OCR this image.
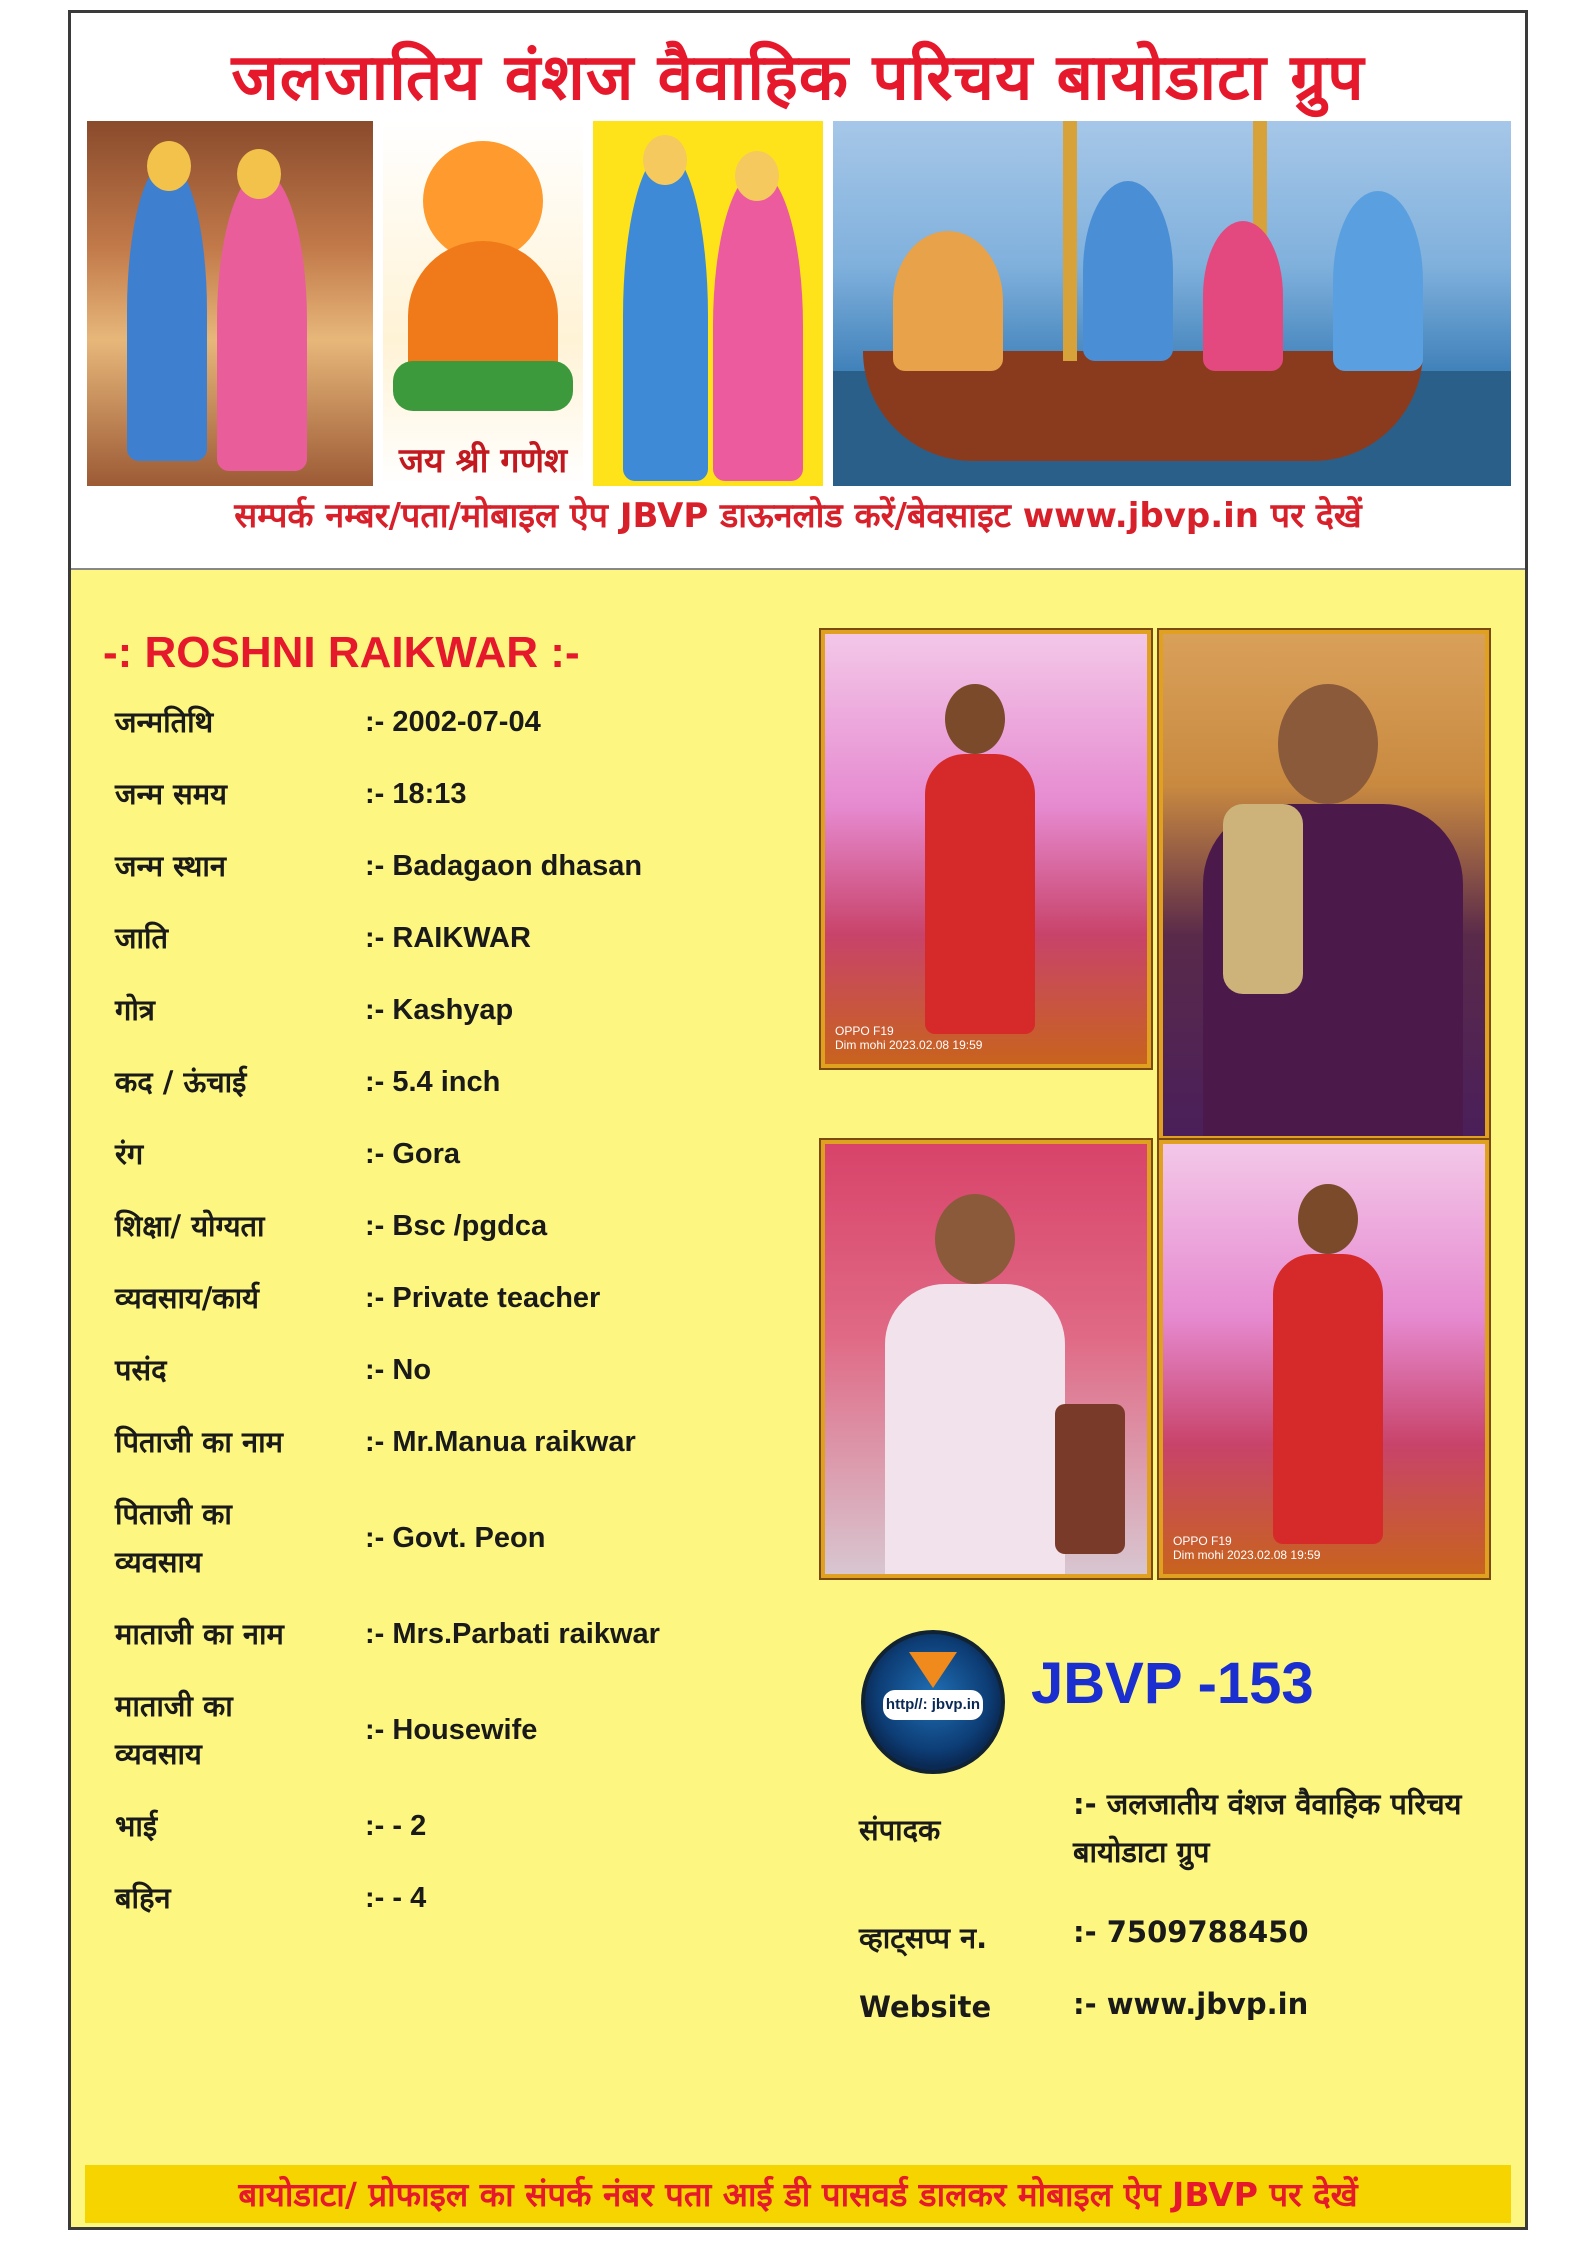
जलजातिय वंशज वैवाहिक परिचय बायोडाटा ग्रुप
जय श्री गणेश
सम्पर्क नम्बर/पता/मोबाइल ऐप JBVP डाऊनलोड करें/बेवसाइट www.jbvp.in पर देखें
-: ROSHNI RAIKWAR :-
जन्मतिथि	:- 2002-07-04
जन्म समय	:- 18:13
जन्म स्थान	:- Badagaon dhasan
जाति	:- RAIKWAR
गोत्र	:- Kashyap
कद / ऊंचाई	:- 5.4 inch
रंग	:- Gora
शिक्षा/ योग्यता	:- Bsc /pgdca
व्यवसाय/कार्य	:- Private teacher
पसंद	:- No
पिताजी का नाम	:- Mr.Manua raikwar
पिताजी का व्यवसाय
:- Govt. Peon
माताजी का नाम	:- Mrs.Parbati raikwar
माताजी का व्यवसाय
:- Housewife
भाई	:- - 2
बहिन	:- - 4
OPPO F19
Dim mohi 2023.02.08 19:59
OPPO F19
Dim mohi 2023.02.08 19:59
http//: jbvp.in JBVP -153
संपादक
:- जलजातीय वंशज वैवाहिक परिचय बायोडाटा ग्रुप
व्हाट्सप्प न.	:- 7509788450
Website	:- www.jbvp.in
बायोडाटा/ प्रोफाइल का संपर्क नंबर पता आई डी पासवर्ड डालकर मोबाइल ऐप JBVP पर देखें
